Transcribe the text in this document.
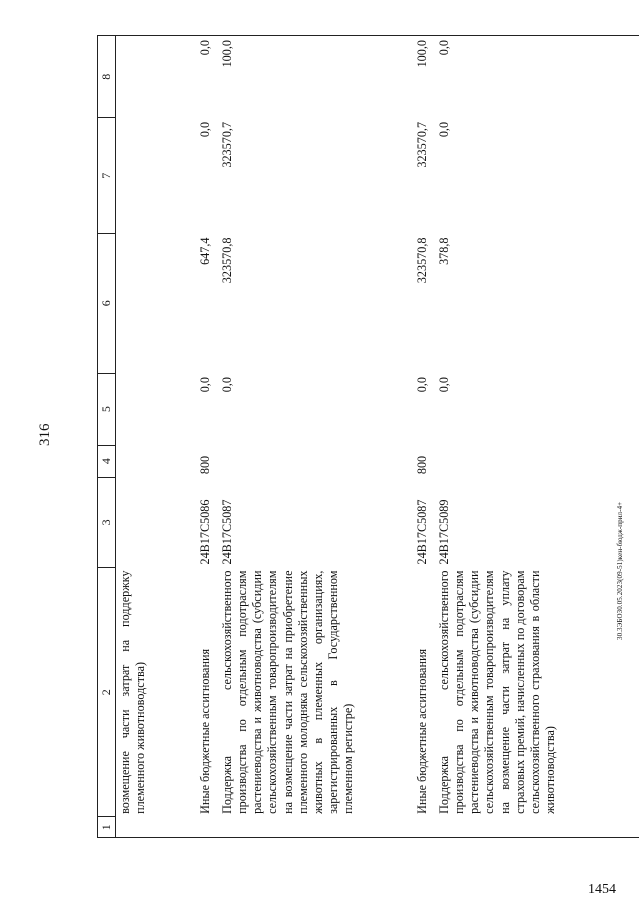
316
1	2	3	4	5	6	7	8
	возмещение части затрат на поддержку племенного животноводства)						
	Иные бюджетные ассигнования	24В17С5086	800	0,0	647,4	0,0	0,0
	Поддержка сельскохозяйственного производства по отдельным подотраслям растениеводства и животноводства (субсидии сельскохозяйственным товаропроизводителям на возмещение части затрат на приобретение племенного молодняка сельскохозяйственных животных в племенных организациях, зарегистрированных в Государственном племенном регистре)	24В17С5087		0,0	323570,8	323570,7	100,0
	Иные бюджетные ассигнования	24В17С5087	800	0,0	323570,8	323570,7	100,0
	Поддержка сельскохозяйственного производства по отдельным подотраслям растениеводства и животноводства (субсидии сельскохозяйственным товаропроизводителям на возмещение части затрат на уплату страховых премий, начисленных по договорам сельскохозяйственного страхования в области животноводства)	24В17С5089		0,0	378,8	0,0	0,0
30.3ЭБО30.05.2023(09-51)кен-бюдж-прил-4+
1454
